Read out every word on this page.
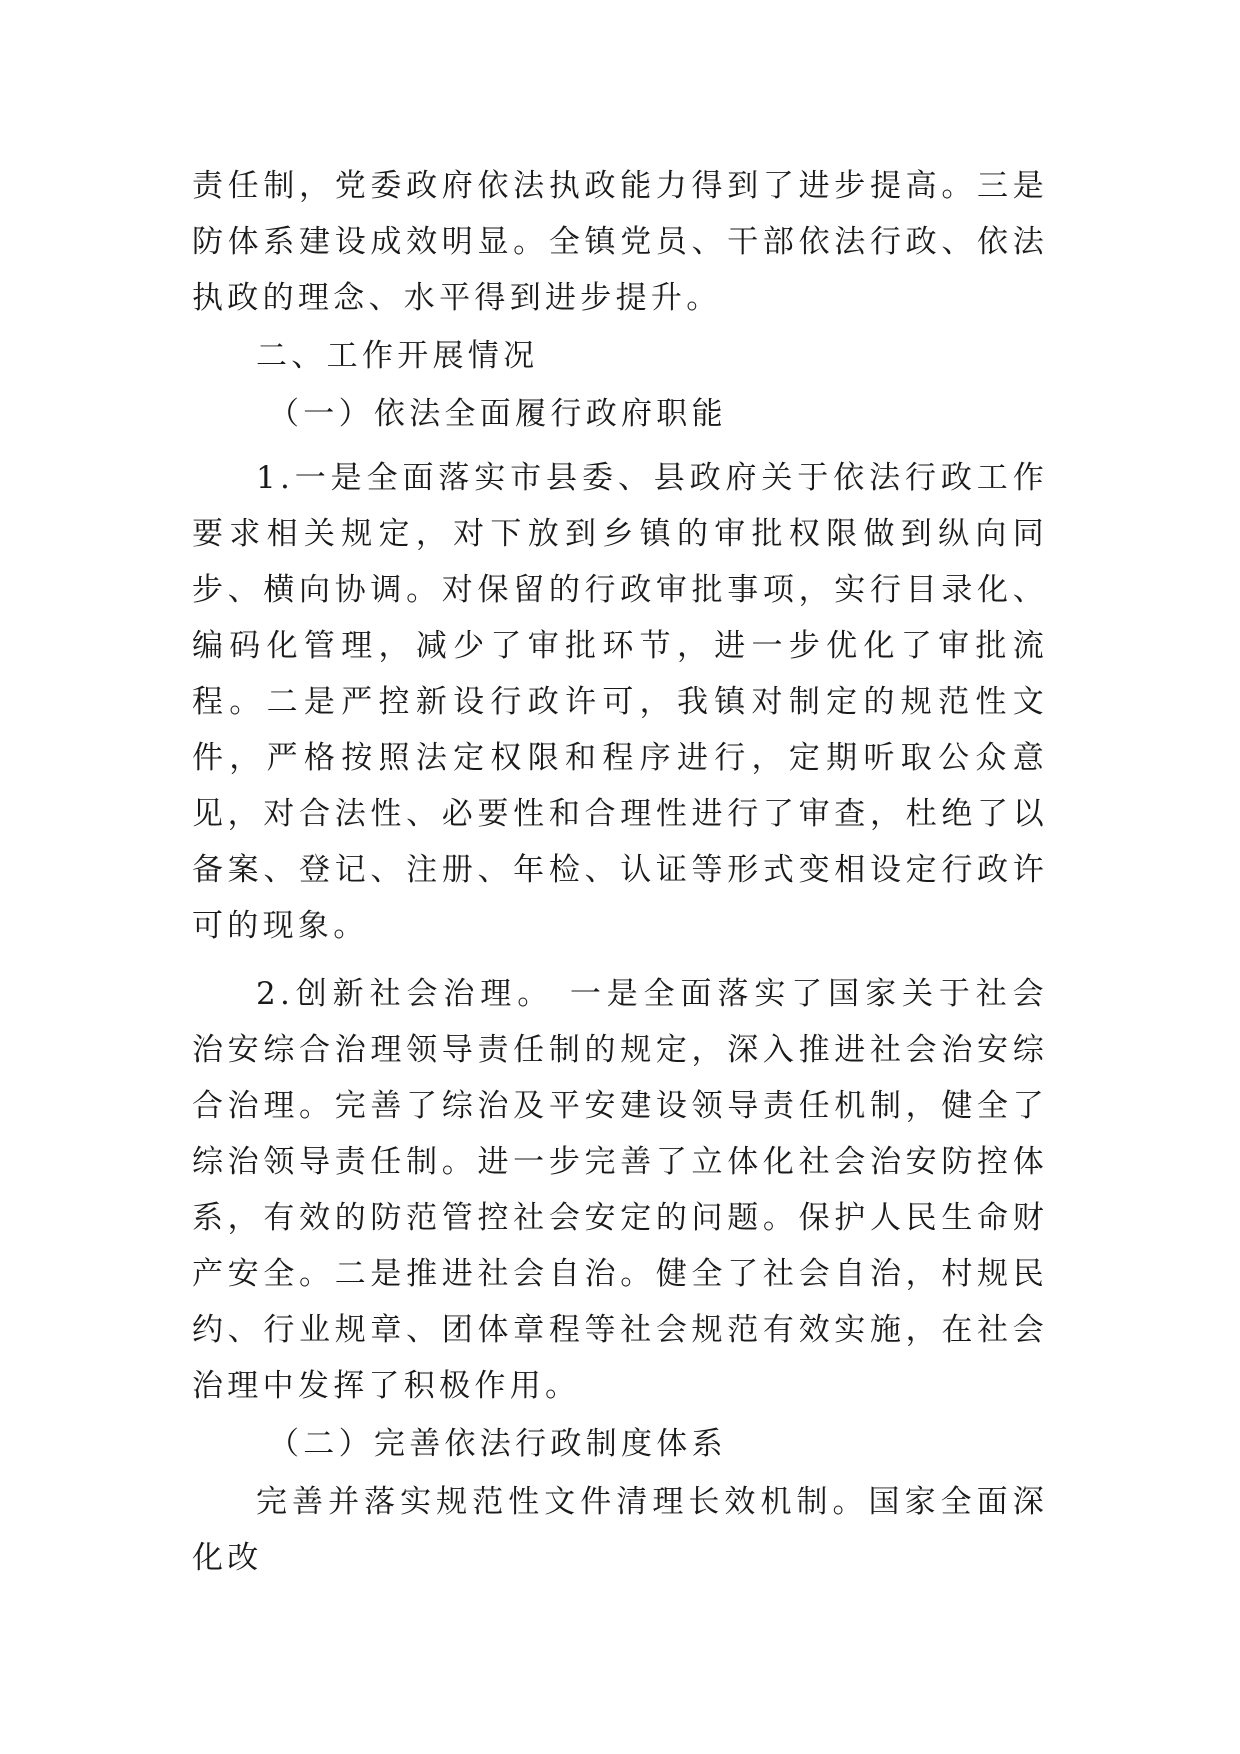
责任制，党委政府依法执政能力得到了进步提高。三是防体系建设成效明显。全镇党员、干部依法行政、依法执政的理念、水平得到进步提升。

二、工作开展情况

（一）依法全面履行政府职能

1.一是全面落实市县委、县政府关于依法行政工作要求相关规定，对下放到乡镇的审批权限做到纵向同步、横向协调。对保留的行政审批事项，实行目录化、编码化管理，减少了审批环节，进一步优化了审批流程。二是严控新设行政许可，我镇对制定的规范性文件，严格按照法定权限和程序进行，定期听取公众意见，对合法性、必要性和合理性进行了审查，杜绝了以备案、登记、注册、年检、认证等形式变相设定行政许可的现象。

2.创新社会治理。 一是全面落实了国家关于社会治安综合治理领导责任制的规定，深入推进社会治安综合治理。完善了综治及平安建设领导责任机制，健全了综治领导责任制。进一步完善了立体化社会治安防控体系，有效的防范管控社会安定的问题。保护人民生命财产安全。二是推进社会自治。健全了社会自治，村规民约、行业规章、团体章程等社会规范有效实施，在社会治理中发挥了积极作用。

（二）完善依法行政制度体系

完善并落实规范性文件清理长效机制。国家全面深化改
